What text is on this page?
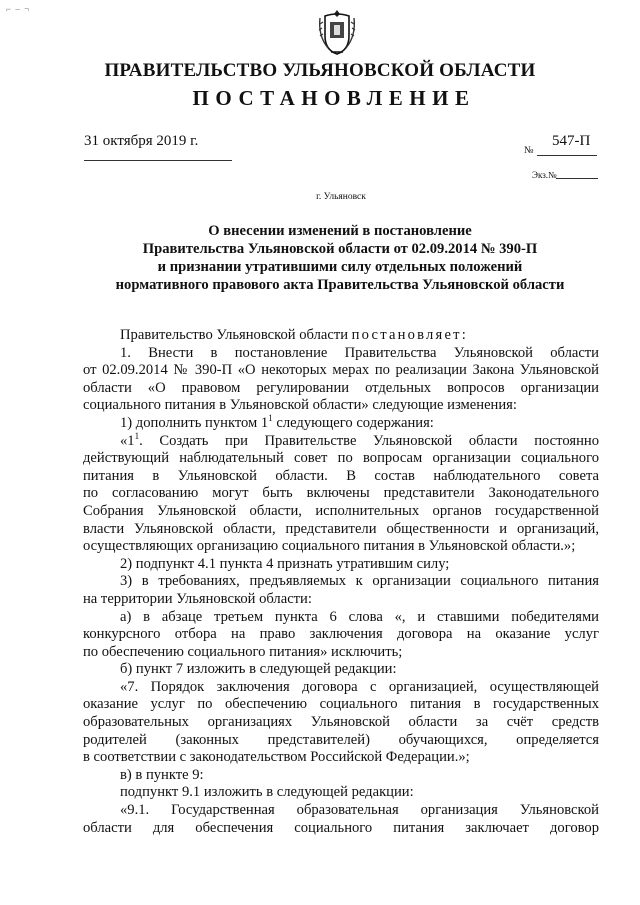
⌐ ‒ ¬
ПРАВИТЕЛЬСТВО УЛЬЯНОВСКОЙ ОБЛАСТИ
ПОСТАНОВЛЕНИЕ
31 октября 2019 г.
№
547-П
Экз.№
г. Ульяновск
О внесении изменений в постановление
Правительства Ульяновской области от 02.09.2014 № 390-П
и признании утратившими силу отдельных положений
нормативного правового акта Правительства Ульяновской области
Правительство Ульяновской области постановляет:
1. Внести в постановление Правительства Ульяновской области
от 02.09.2014 № 390-П «О некоторых мерах по реализации Закона Ульяновской
области «О правовом регулировании отдельных вопросов организации
социального питания в Ульяновской области» следующие изменения:
1) дополнить пунктом $1^1$ следующего содержания:
«$1^1$. Создать при Правительстве Ульяновской области постоянно
действующий наблюдательный совет по вопросам организации социального
питания в Ульяновской области. В состав наблюдательного совета
по согласованию могут быть включены представители Законодательного
Собрания Ульяновской области, исполнительных органов государственной
власти Ульяновской области, представители общественности и организаций,
осуществляющих организацию социального питания в Ульяновской области.»;
2) подпункт 4.1 пункта 4 признать утратившим силу;
3) в требованиях, предъявляемых к организации социального питания
на территории Ульяновской области:
а) в абзаце третьем пункта 6 слова «, и ставшими победителями
конкурсного отбора на право заключения договора на оказание услуг
по обеспечению социального питания» исключить;
б) пункт 7 изложить в следующей редакции:
«7. Порядок заключения договора с организацией, осуществляющей
оказание услуг по обеспечению социального питания в государственных
образовательных организациях Ульяновской области за счёт средств
родителей (законных представителей) обучающихся, определяется
в соответствии с законодательством Российской Федерации.»;
в) в пункте 9:
подпункт 9.1 изложить в следующей редакции:
«9.1. Государственная образовательная организация Ульяновской
области для обеспечения социального питания заключает договор
